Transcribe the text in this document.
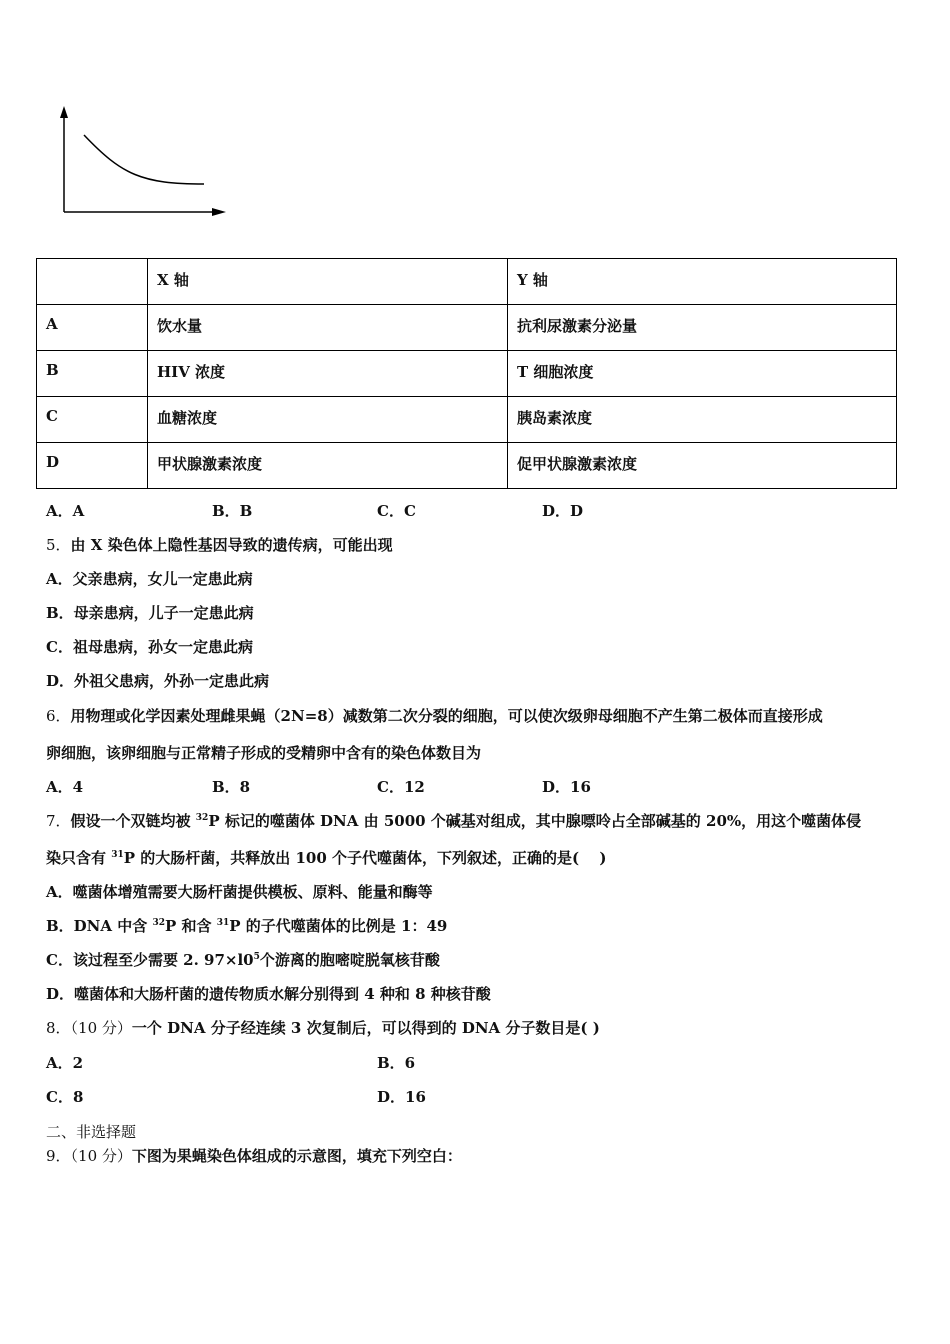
	X 轴	Y 轴
A	饮水量	抗利尿激素分泌量
B	HIV 浓度	T 细胞浓度
C	血糖浓度	胰岛素浓度
D	甲状腺激素浓度	促甲状腺激素浓度
A．A	B．B	C．C	D．D
5．由 X 染色体上隐性基因导致的遗传病，可能出现
A．父亲患病，女儿一定患此病
B．母亲患病，儿子一定患此病
C．祖母患病，孙女一定患此病
D．外祖父患病，外孙一定患此病
6．用物理或化学因素处理雌果蝇（2N=8）减数第二次分裂的细胞，可以使次级卵母细胞不产生第二极体而直接形成
卵细胞，该卵细胞与正常精子形成的受精卵中含有的染色体数目为
A．4	B．8	C．12	D．16
7．假设一个双链均被 $^{32}$P 标记的噬菌体 DNA 由 5000 个碱基对组成，其中腺嘌呤占全部碱基的 20%，用这个噬菌体侵
染只含有 $^{31}$P 的大肠杆菌，共释放出 100 个子代噬菌体，下列叙述，正确的是(　 )
A．噬菌体增殖需要大肠杆菌提供模板、原料、能量和酶等
B．DNA 中含 $^{32}$P 和含 $^{31}$P 的子代噬菌体的比例是 1：49
C．该过程至少需要 2. $97\times l0^5$个游离的胞嘧啶脱氧核苷酸
D．噬菌体和大肠杆菌的遗传物质水解分别得到 4 种和 8 种核苷酸
8．（10 分）一个 DNA 分子经连续 3 次复制后，可以得到的 DNA 分子数目是( )
A．2	B．6
C．8	D．16
二、非选择题
9．（10 分）下图为果蝇染色体组成的示意图，填充下列空白：
